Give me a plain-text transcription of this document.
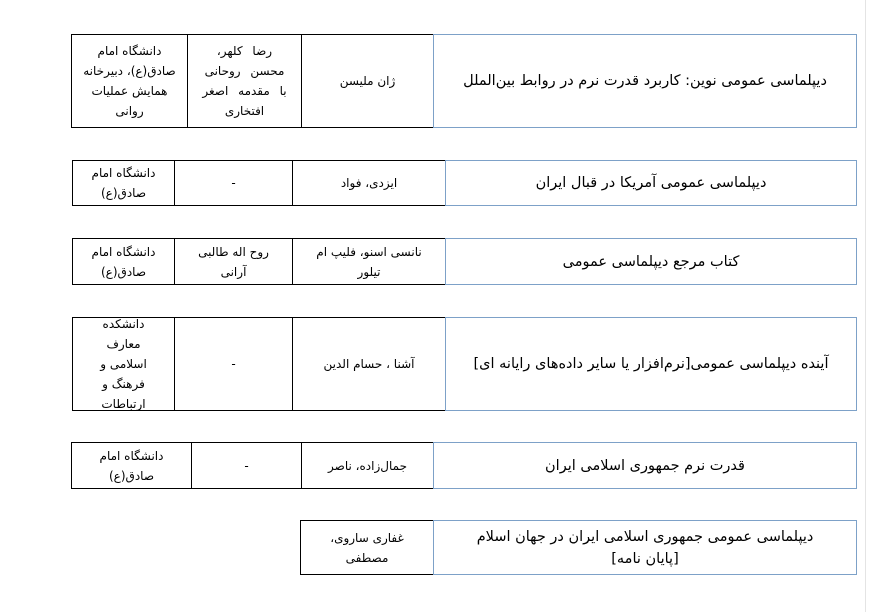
دیپلماسی عمومی نوین: کاربرد قدرت نرم در روابط بین‌الملل
ژان ملیسن
رضا کلهر، محسن روحانی با مقدمه اصغر افتخاری
دانشگاه امام صادق(ع)، دبیرخانه همایش عملیات روانی
دیپلماسی عمومی آمریکا در قبال ایران
ایزدی، فواد
-
دانشگاه امام صادق(ع)
کتاب مرجع دیپلماسی عمومی
نانسی اسنو، فلیپ ام تیلور
روح اله طالبی آرانی
دانشگاه امام صادق(ع)
آینده دیپلماسی عمومی[نرم‌افزار یا سایر داده‌های رایانه ای]
آشنا ، حسام الدین
-
دانشکده معارف اسلامی و فرهنگ و ارتباطات
قدرت نرم جمهوری اسلامی ایران
جمال‌زاده، ناصر
-
دانشگاه امام صادق(ع)
دیپلماسی عمومی جمهوری اسلامی ایران در جهان اسلام [پایان نامه]
غفاری ساروی، مصطفی
